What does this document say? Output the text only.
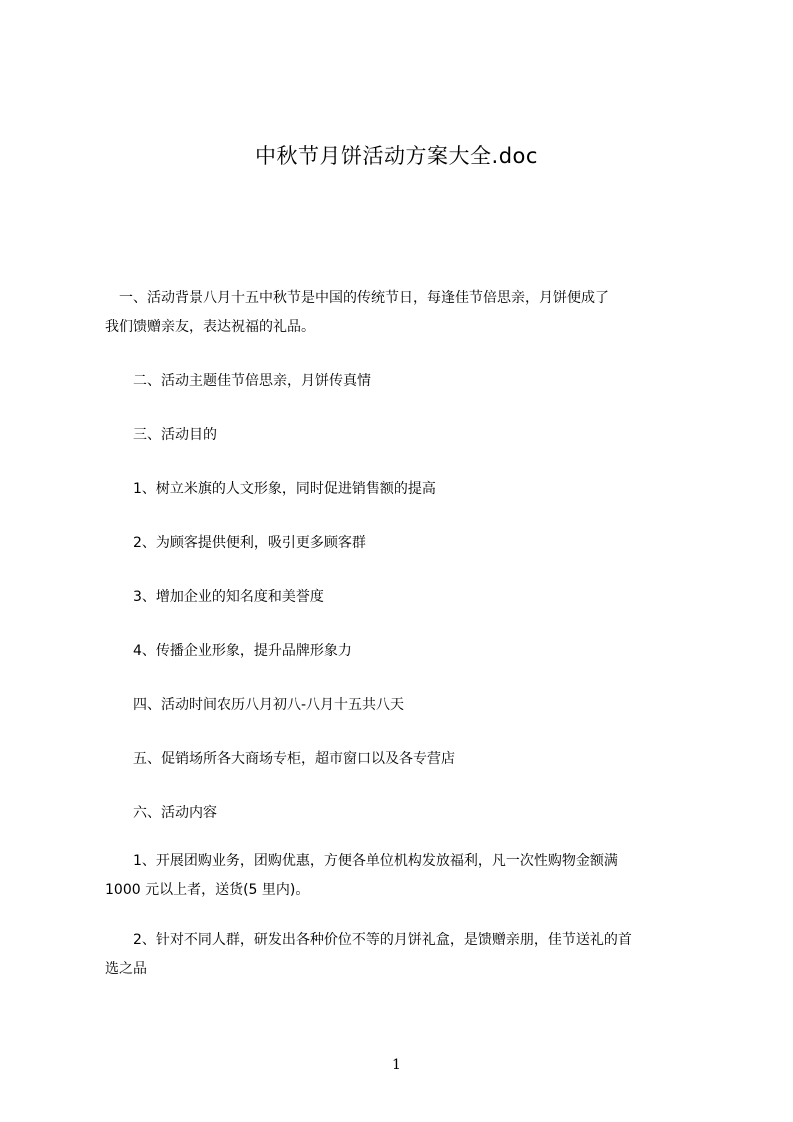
中秋节月饼活动方案大全.doc
　一、活动背景八月十五中秋节是中国的传统节日，每逢佳节倍思亲，月饼便成了
我们馈赠亲友，表达祝福的礼品。
　　二、活动主题佳节倍思亲，月饼传真情
　　三、活动目的
　　1、树立米旗的人文形象，同时促进销售额的提高
　　2、为顾客提供便利，吸引更多顾客群
　　3、增加企业的知名度和美誉度
　　4、传播企业形象，提升品牌形象力
　　四、活动时间农历八月初八-八月十五共八天
　　五、促销场所各大商场专柜，超市窗口以及各专营店
　　六、活动内容
　　1、开展团购业务，团购优惠，方便各单位机构发放福利，凡一次性购物金额满
1000 元以上者，送货(5 里内)。
　　2、针对不同人群，研发出各种价位不等的月饼礼盒，是馈赠亲朋，佳节送礼的首
选之品
1
